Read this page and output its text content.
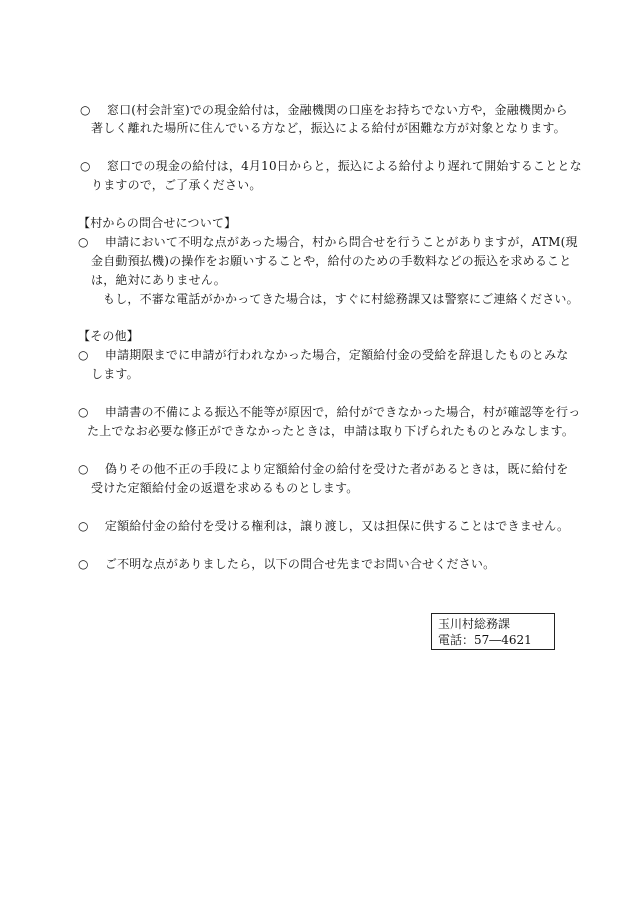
○　 窓口(村会計室)での現金給付は，金融機関の口座をお持ちでない方や，金融機関から
著しく離れた場所に住んでいる方など，振込による給付が困難な方が対象となります。
○　 窓口での現金の給付は，4月10日からと，振込による給付より遅れて開始することとな
りますので，ご了承ください。
【村からの問合せについて】
○　 申請において不明な点があった場合，村から問合せを行うことがありますが，ATM(現
金自動預払機)の操作をお願いすることや，給付のための手数料などの振込を求めること
は，絶対にありません。
もし，不審な電話がかかってきた場合は，すぐに村総務課又は警察にご連絡ください。
【その他】
○　 申請期限までに申請が行われなかった場合，定額給付金の受給を辞退したものとみな
します。
○　 申請書の不備による振込不能等が原因で，給付ができなかった場合，村が確認等を行っ
た上でなお必要な修正ができなかったときは，申請は取り下げられたものとみなします。
○　 偽りその他不正の手段により定額給付金の給付を受けた者があるときは，既に給付を
受けた定額給付金の返還を求めるものとします。
○　 定額給付金の給付を受ける権利は，譲り渡し，又は担保に供することはできません。
○　 ご不明な点がありましたら，以下の問合せ先までお問い合せください。
玉川村総務課
電話：57―4621
